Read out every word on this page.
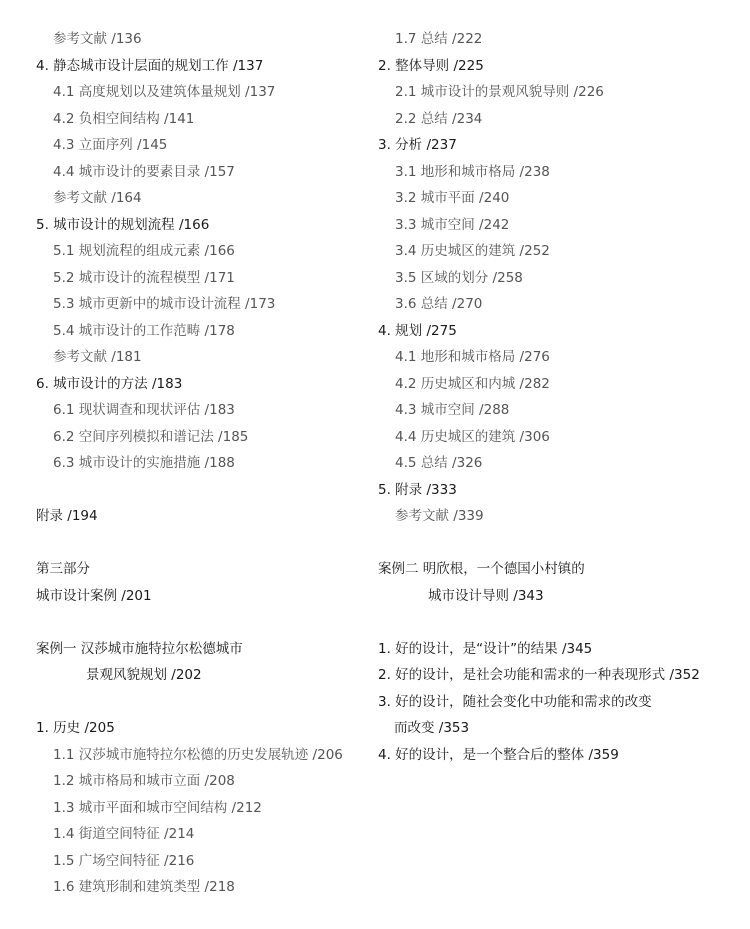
参考文献 /136
4. 静态城市设计层面的规划工作 /137
4.1 高度规划以及建筑体量规划 /137
4.2 负相空间结构 /141
4.3 立面序列 /145
4.4 城市设计的要素目录 /157
参考文献 /164
5. 城市设计的规划流程 /166
5.1 规划流程的组成元素 /166
5.2 城市设计的流程模型 /171
5.3 城市更新中的城市设计流程 /173
5.4 城市设计的工作范畴 /178
参考文献 /181
6. 城市设计的方法 /183
6.1 现状调查和现状评估 /183
6.2 空间序列模拟和谱记法 /185
6.3 城市设计的实施措施 /188
附录 /194
第三部分
城市设计案例 /201
案例一 汉莎城市施特拉尔松德城市
景观风貌规划 /202
1. 历史 /205
1.1 汉莎城市施特拉尔松德的历史发展轨迹 /206
1.2 城市格局和城市立面 /208
1.3 城市平面和城市空间结构 /212
1.4 街道空间特征 /214
1.5 广场空间特征 /216
1.6 建筑形制和建筑类型 /218
1.7 总结 /222
2. 整体导则 /225
2.1 城市设计的景观风貌导则 /226
2.2 总结 /234
3. 分析 /237
3.1 地形和城市格局 /238
3.2 城市平面 /240
3.3 城市空间 /242
3.4 历史城区的建筑 /252
3.5 区域的划分 /258
3.6 总结 /270
4. 规划 /275
4.1 地形和城市格局 /276
4.2 历史城区和内城 /282
4.3 城市空间 /288
4.4 历史城区的建筑 /306
4.5 总结 /326
5. 附录 /333
参考文献 /339
案例二 明欣根，一个德国小村镇的
城市设计导则 /343
1. 好的设计，是“设计”的结果 /345
2. 好的设计，是社会功能和需求的一种表现形式 /352
3. 好的设计，随社会变化中功能和需求的改变
而改变 /353
4. 好的设计，是一个整合后的整体 /359
